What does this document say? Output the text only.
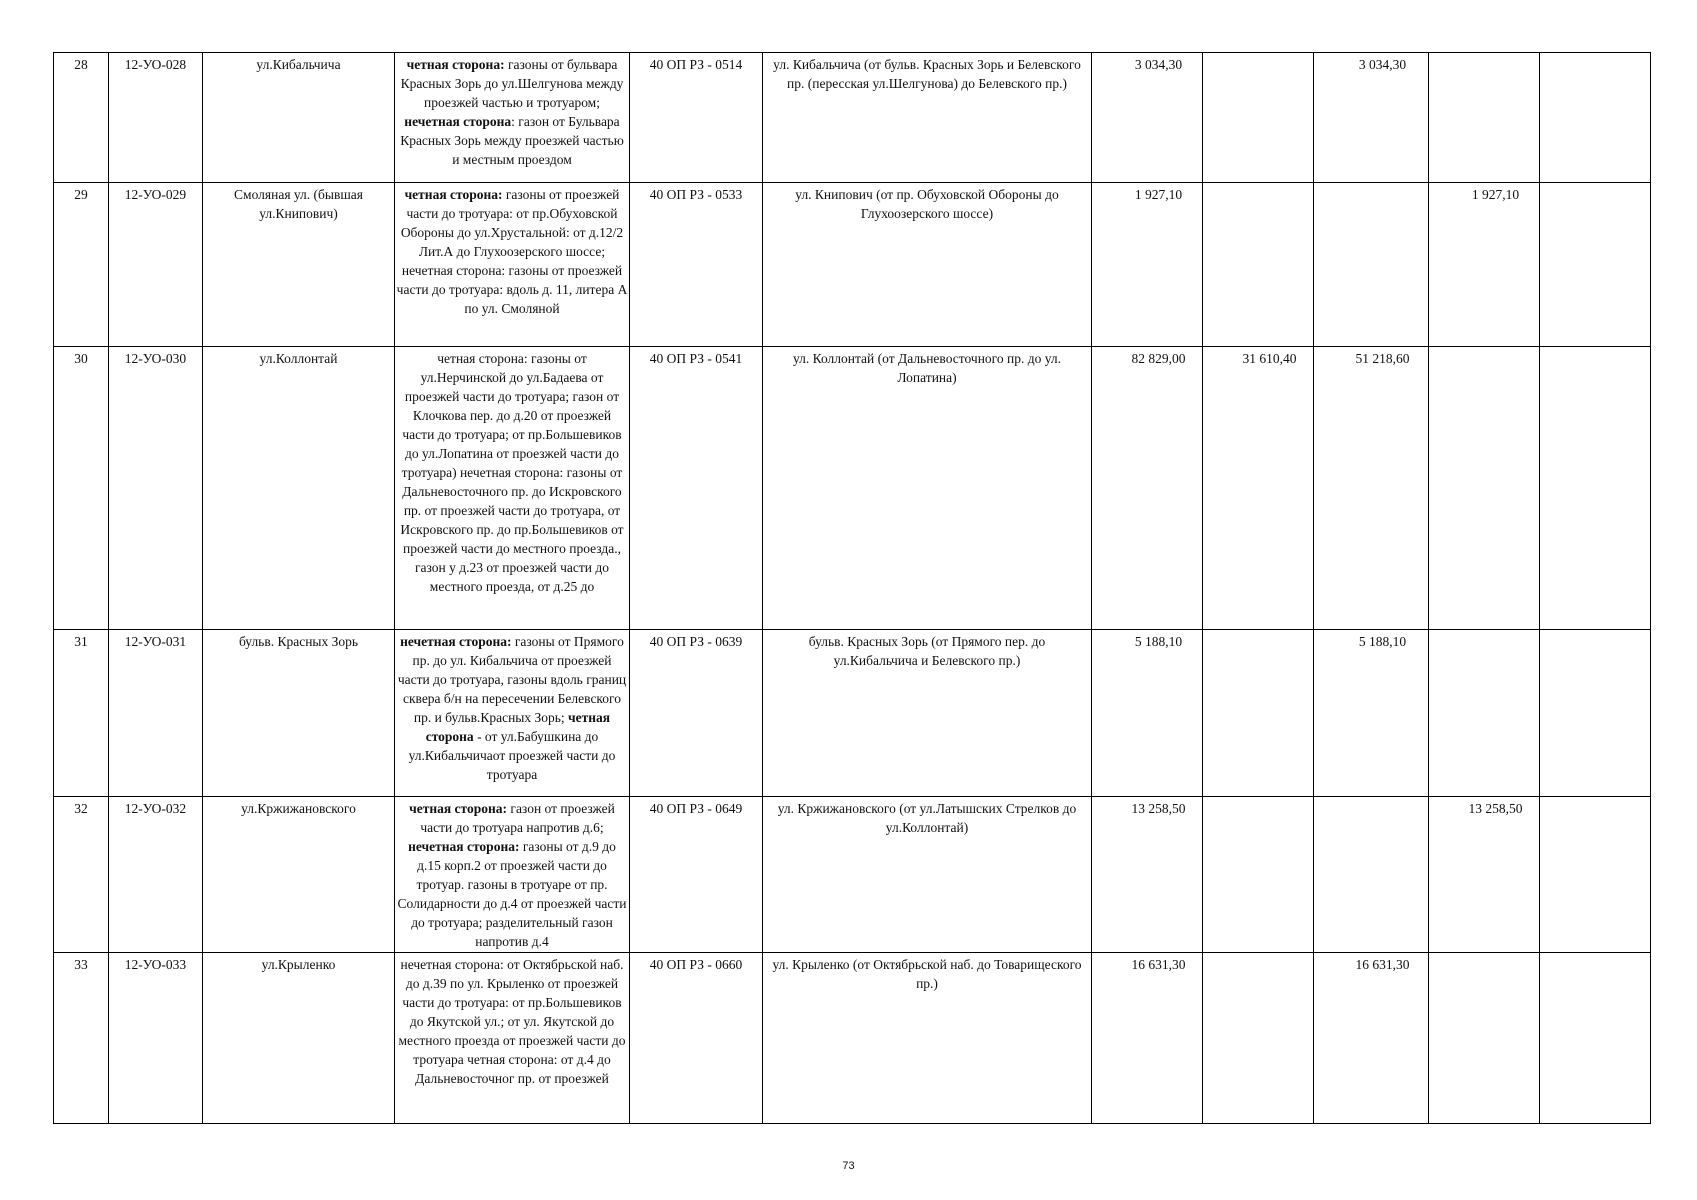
28	12-УО-028	ул.Кибальчича	четная сторона: газоны от бульвара Красных Зорь до ул.Шелгунова между проезжей частью и тротуаром; нечетная сторона: газон от Бульвара Красных Зорь между проезжей частью и местным проездом	40 ОП РЗ - 0514	ул. Кибальчича (от бульв. Красных Зорь и Белевского пр. (пересская ул.Шелгунова) до Белевского пр.)	3 034,30		3 034,30		
29	12-УО-029	Смоляная ул. (бывшая ул.Книпович)	четная сторона: газоны от проезжей части до тротуара: от пр.Обуховской Обороны до ул.Хрустальной: от д.12/2 Лит.А до Глухоозерского шоссе; нечетная сторона: газоны от проезжей части до тротуара: вдоль д. 11, литера А по ул. Смоляной	40 ОП РЗ - 0533	ул. Книпович (от пр. Обуховской Обороны до Глухоозерского шоссе)	1 927,10			1 927,10	
30	12-УО-030	ул.Коллонтай	четная сторона: газоны от ул.Нерчинской до ул.Бадаева от проезжей части до тротуара; газон от Клочкова пер. до д.20 от проезжей части до тротуара; от пр.Большевиков до ул.Лопатина от проезжей части до тротуара) нечетная сторона: газоны от Дальневосточного пр. до Искровского пр. от проезжей части до тротуара, от Искровского пр. до пр.Большевиков от проезжей части до местного проезда., газон у д.23 от проезжей части до местного проезда, от д.25 до	40 ОП РЗ - 0541	ул. Коллонтай (от Дальневосточного пр. до ул. Лопатина)	82 829,00	31 610,40	51 218,60		
31	12-УО-031	бульв. Красных Зорь	нечетная сторона: газоны от Прямого пр. до ул. Кибальчича от проезжей части до тротуара, газоны вдоль границ сквера б/н на пересечении Белевского пр. и бульв.Красных Зорь; четная сторона - от ул.Бабушкина до ул.Кибальчичаот проезжей части до тротуара	40 ОП РЗ - 0639	бульв. Красных Зорь (от Прямого пер. до ул.Кибальчича и Белевского пр.)	5 188,10		5 188,10		
32	12-УО-032	ул.Кржижановского	четная сторона: газон от проезжей части до тротуара напротив д.6; нечетная сторона: газоны от д.9 до д.15 корп.2 от проезжей части до тротуар. газоны в тротуаре от пр. Солидарности до д.4 от проезжей части до тротуара; разделительный газон напротив д.4	40 ОП РЗ - 0649	ул. Кржижановского (от ул.Латышских Стрелков до ул.Коллонтай)	13 258,50			13 258,50	
33	12-УО-033	ул.Крыленко	нечетная сторона: от Октябрьской наб. до д.39 по ул. Крыленко от проезжей части до тротуара: от пр.Большевиков до Якутской ул.; от ул. Якутской до местного проезда от проезжей части до тротуара четная сторона: от д.4 до Дальневосточног пр. от проезжей	40 ОП РЗ - 0660	ул. Крыленко (от Октябрьской наб. до Товарищеского пр.)	16 631,30		16 631,30		
73
